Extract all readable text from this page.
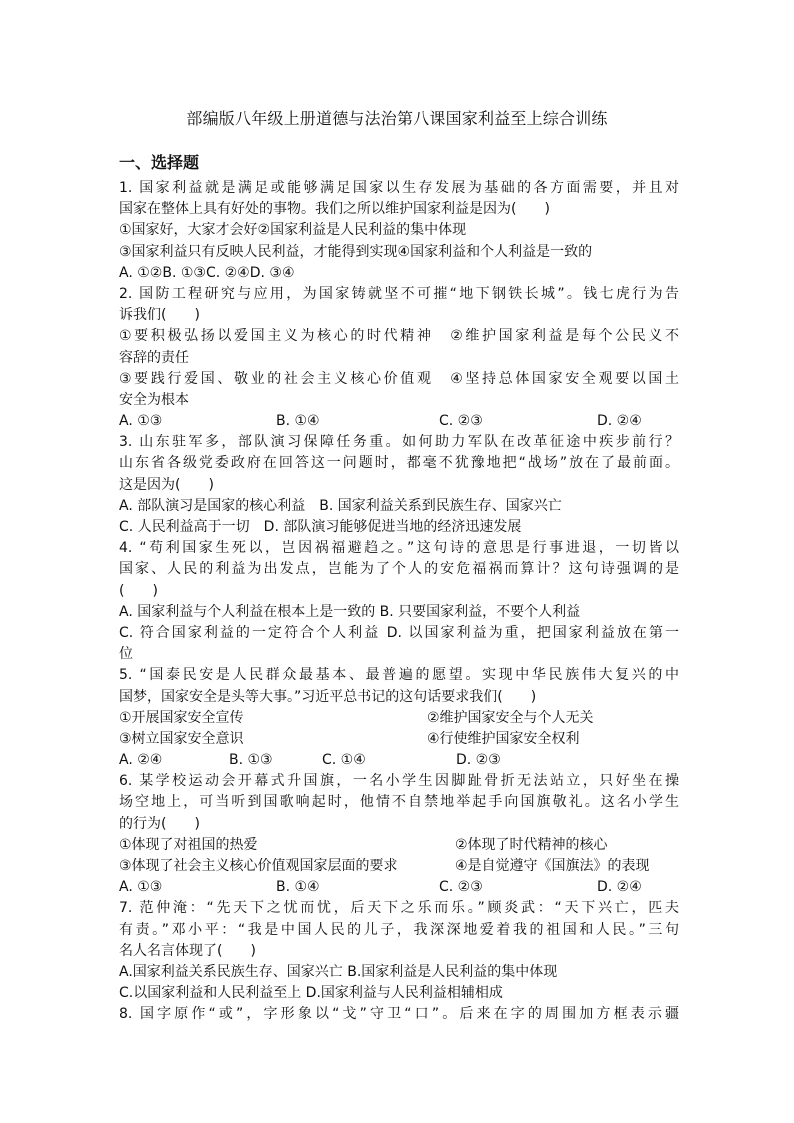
部编版八年级上册道德与法治第八课国家利益至上综合训练
一、选择题
1. 国家利益就是满足或能够满足国家以生存发展为基础的各方面需要，并且对
国家在整体上具有好处的事物。我们之所以维护国家利益是因为(　　)
①国家好，大家才会好②国家利益是人民利益的集中体现
③国家利益只有反映人民利益，才能得到实现④国家利益和个人利益是一致的
A. ①②B. ①③C. ②④D. ③④
2. 国防工程研究与应用，为国家铸就坚不可摧“地下钢铁长城”。钱七虎行为告
诉我们(　　)
①要积极弘扬以爱国主义为核心的时代精神　②维护国家利益是每个公民义不
容辞的责任
③要践行爱国、敬业的社会主义核心价值观　④坚持总体国家安全观要以国土
安全为根本
A. ①③	B. ①④	C. ②③	D. ②④
3. 山东驻军多，部队演习保障任务重。如何助力军队在改革征途中疾步前行？
山东省各级党委政府在回答这一问题时，都毫不犹豫地把“战场”放在了最前面。
这是因为(　　)
A. 部队演习是国家的核心利益　B. 国家利益关系到民族生存、国家兴亡
C. 人民利益高于一切　D. 部队演习能够促进当地的经济迅速发展
4. “苟利国家生死以，岂因祸福避趋之。”这句诗的意思是行事进退，一切皆以
国家、人民的利益为出发点，岂能为了个人的安危福祸而算计？这句诗强调的是
(　　)
A. 国家利益与个人利益在根本上是一致的 B. 只要国家利益，不要个人利益
C. 符合国家利益的一定符合个人利益 D. 以国家利益为重，把国家利益放在第一
位
5. “国泰民安是人民群众最基本、最普遍的愿望。实现中华民族伟大复兴的中
国梦，国家安全是头等大事。”习近平总书记的这句话要求我们(　　)
①开展国家安全宣传	②维护国家安全与个人无关
③树立国家安全意识	④行使维护国家安全权利
A. ②④	B. ①③	C. ①④	D. ②③
6. 某学校运动会开幕式升国旗，一名小学生因脚趾骨折无法站立，只好坐在操
场空地上，可当听到国歌响起时，他情不自禁地举起手向国旗敬礼。这名小学生
的行为(　　)
①体现了对祖国的热爱	②体现了时代精神的核心
③体现了社会主义核心价值观国家层面的要求	④是自觉遵守《国旗法》的表现
A. ①③	B. ①④	C. ②③	D. ②④
7. 范仲淹：“先天下之忧而忧，后天下之乐而乐。”顾炎武：“天下兴亡，匹夫
有责。”邓小平：“我是中国人民的儿子，我深深地爱着我的祖国和人民。”三句
名人名言体现了(　　)
A.国家利益关系民族生存、国家兴亡 B.国家利益是人民利益的集中体现
C.以国家利益和人民利益至上 D.国家利益与人民利益相辅相成
8. 国字原作“或”，字形象以“戈”守卫“口”。后来在字的周围加方框表示疆
